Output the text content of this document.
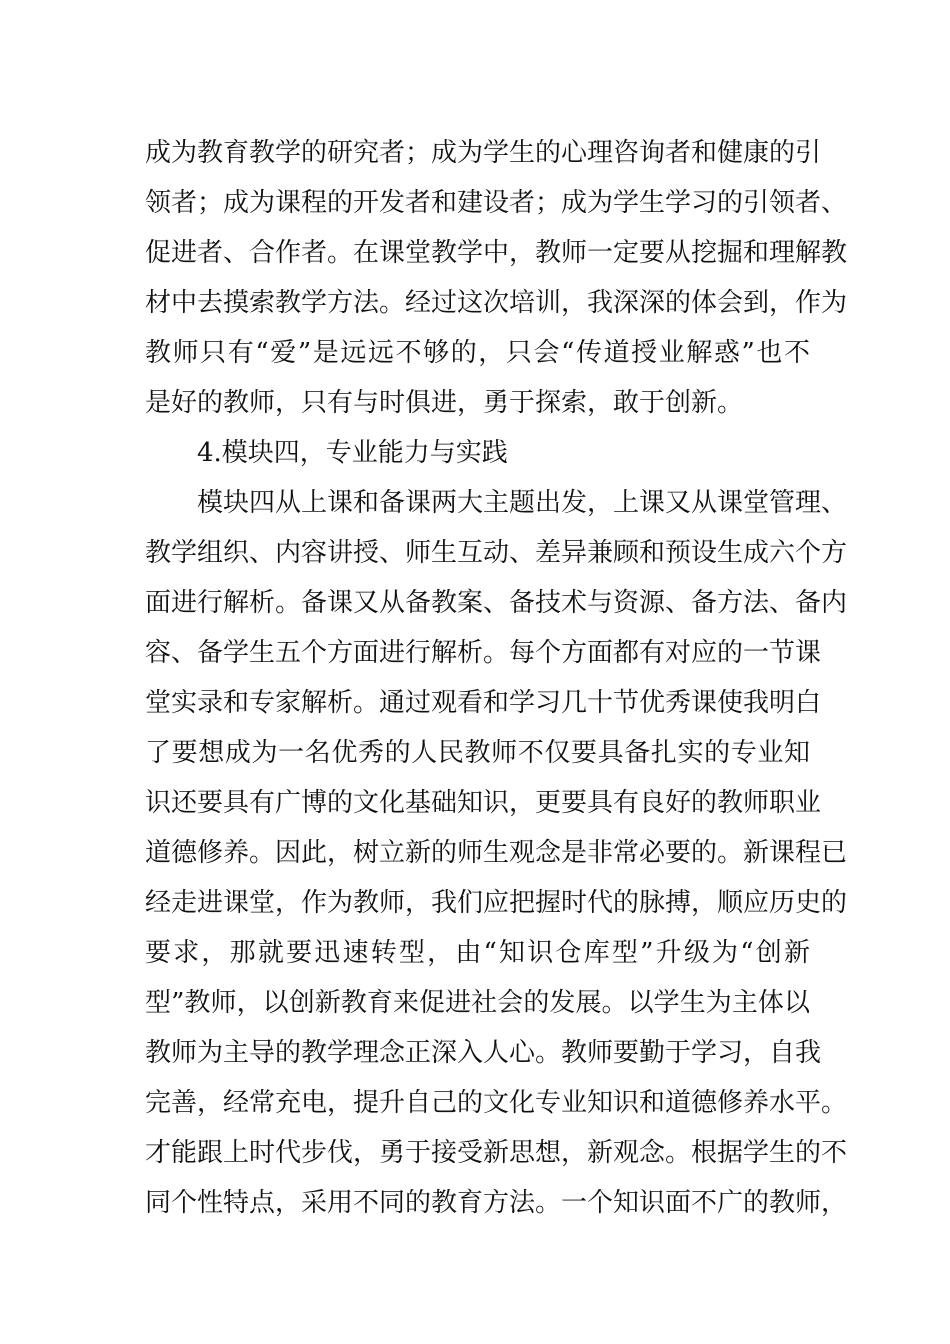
成为教育教学的研究者；成为学生的心理咨询者和健康的引
领者；成为课程的开发者和建设者；成为学生学习的引领者、
促进者、合作者。在课堂教学中，教师一定要从挖掘和理解教
材中去摸索教学方法。经过这次培训，我深深的体会到，作为
教师只有“爱”是远远不够的，只会“传道授业解惑”也不
是好的教师，只有与时俱进，勇于探索，敢于创新。
4.模块四，专业能力与实践
模块四从上课和备课两大主题出发，上课又从课堂管理、
教学组织、内容讲授、师生互动、差异兼顾和预设生成六个方
面进行解析。备课又从备教案、备技术与资源、备方法、备内
容、备学生五个方面进行解析。每个方面都有对应的一节课
堂实录和专家解析。通过观看和学习几十节优秀课使我明白
了要想成为一名优秀的人民教师不仅要具备扎实的专业知
识还要具有广博的文化基础知识，更要具有良好的教师职业
道德修养。因此，树立新的师生观念是非常必要的。新课程已
经走进课堂，作为教师，我们应把握时代的脉搏，顺应历史的
要求，那就要迅速转型，由“知识仓库型”升级为“创新
型”教师，以创新教育来促进社会的发展。以学生为主体以
教师为主导的教学理念正深入人心。教师要勤于学习，自我
完善，经常充电，提升自己的文化专业知识和道德修养水平。
才能跟上时代步伐，勇于接受新思想，新观念。根据学生的不
同个性特点，采用不同的教育方法。一个知识面不广的教师，
